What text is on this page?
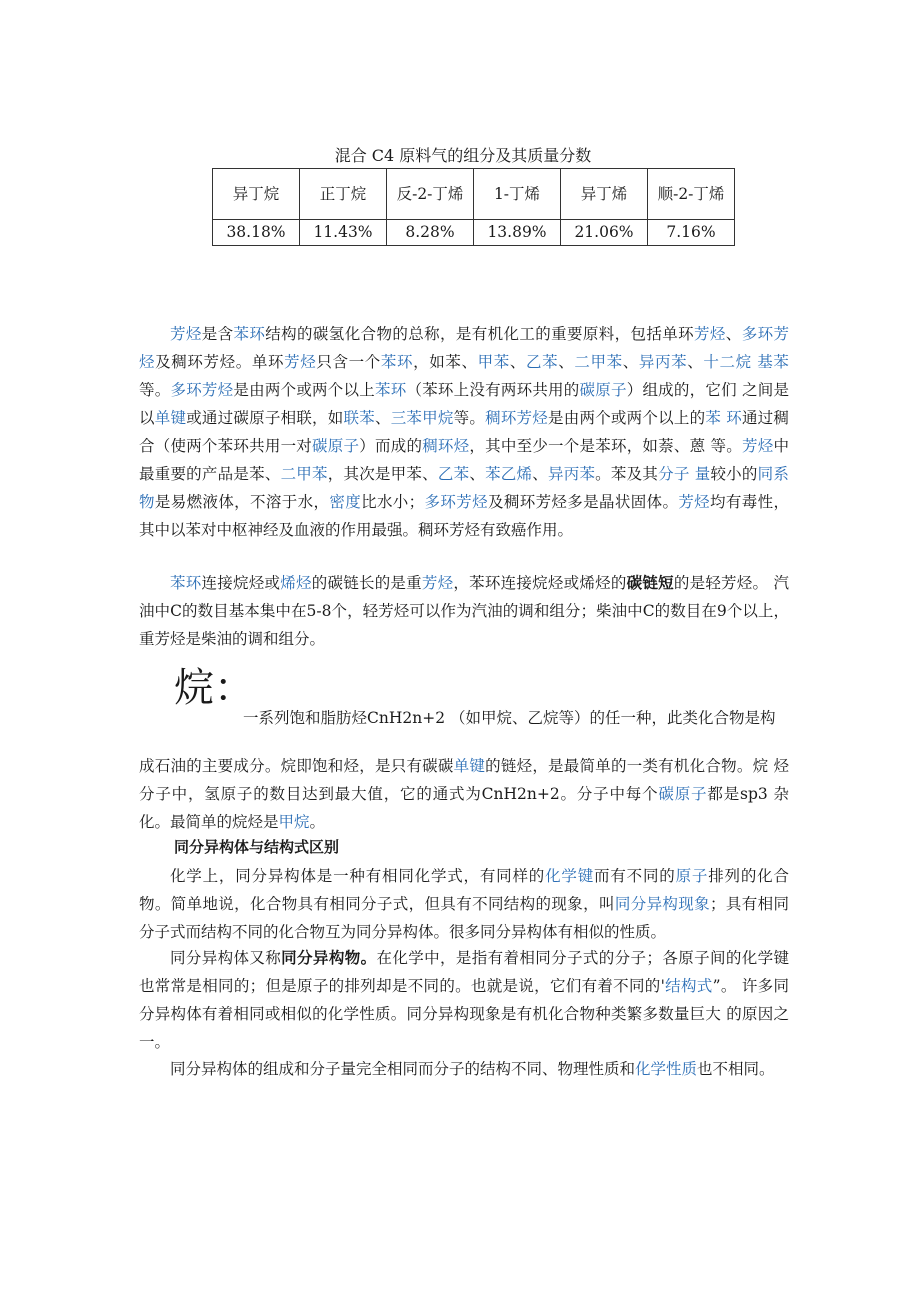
混合 C4 原料气的组分及其质量分数
异丁烷	正丁烷	反-2-丁烯	1-丁烯	异丁烯	顺-2-丁烯
38.18%	11.43%	8.28%	13.89%	21.06%	7.16%

芳烃是含苯环结构的碳氢化合物的总称，是有机化工的重要原料，包括单环芳烃、多环芳烃及稠环芳烃。单环芳烃只含一个苯环，如苯、甲苯、乙苯、二甲苯、异丙苯、十二烷 基苯等。多环芳烃是由两个或两个以上苯环（苯环上没有两环共用的碳原子）组成的，它们 之间是以单键或通过碳原子相联，如联苯、三苯甲烷等。稠环芳烃是由两个或两个以上的苯 环通过稠合（使两个苯环共用一对碳原子）而成的稠环烃，其中至少一个是苯环，如萘、蒽 等。芳烃中最重要的产品是苯、二甲苯，其次是甲苯、乙苯、苯乙烯、异丙苯。苯及其分子 量较小的同系物是易燃液体，不溶于水，密度比水小；多环芳烃及稠环芳烃多是晶状固体。芳烃均有毒性，其中以苯对中枢神经及血液的作用最强。稠环芳烃有致癌作用。

苯环连接烷烃或烯烃的碳链长的是重芳烃，苯环连接烷烃或烯烃的碳链短的是轻芳烃。 汽油中C的数目基本集中在5-8个，轻芳烃可以作为汽油的调和组分；柴油中C的数目在9个以上，重芳烃是柴油的调和组分。

烷：

一系列饱和脂肪烃CnH2n+2 （如甲烷、乙烷等）的任一种，此类化合物是构

成石油的主要成分。烷即饱和烃，是只有碳碳单键的链烃，是最简单的一类有机化合物。烷 烃分子中，氢原子的数目达到最大值，它的通式为CnH2n+2。分子中每个碳原子都是sp3 杂化。最简单的烷烃是甲烷。

同分异构体与结构式区别

化学上，同分异构体是一种有相同化学式，有同样的化学键而有不同的原子排列的化合物。简单地说，化合物具有相同分子式，但具有不同结构的现象，叫同分异构现象；具有相同分子式而结构不同的化合物互为同分异构体。很多同分异构体有相似的性质。

同分异构体又称同分异构物。在化学中，是指有着相同分子式的分子；各原子间的化学键也常常是相同的；但是原子的排列却是不同的。也就是说，它们有着不同的'结构式”。 许多同分异构体有着相同或相似的化学性质。同分异构现象是有机化合物种类繁多数量巨大 的原因之一。

同分异构体的组成和分子量完全相同而分子的结构不同、物理性质和化学性质也不相同。
